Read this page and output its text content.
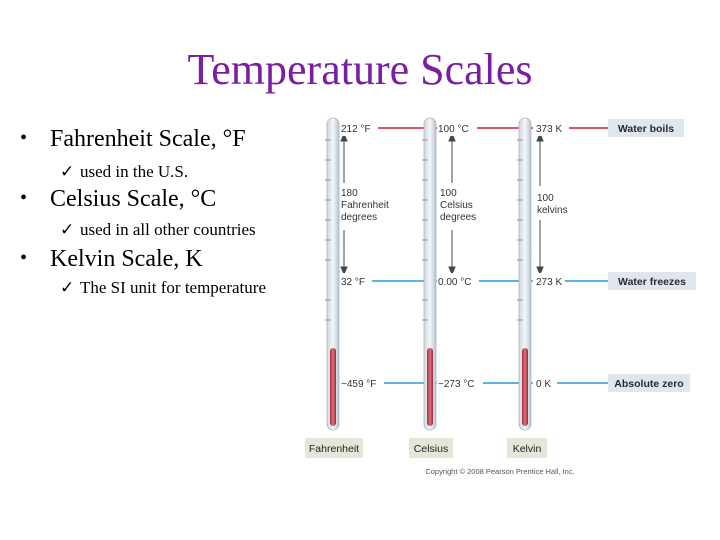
Temperature Scales
• Fahrenheit Scale, °F
✓ used in the U.S.
• Celsius Scale, °C
✓ used in all other countries
• Kelvin Scale, K
✓ The SI unit for temperature
212 °F	100 °C	373 K
32 °F	0.00 °C	273 K
−459 °F	−273 °C	0 K
180
Fahrenheit
degrees
100
Celsius
degrees
100
kelvins
Water boils
Water freezes
Absolute zero
Fahrenheit	Celsius	Kelvin
Copyright © 2008 Pearson Prentice Hall, Inc.
